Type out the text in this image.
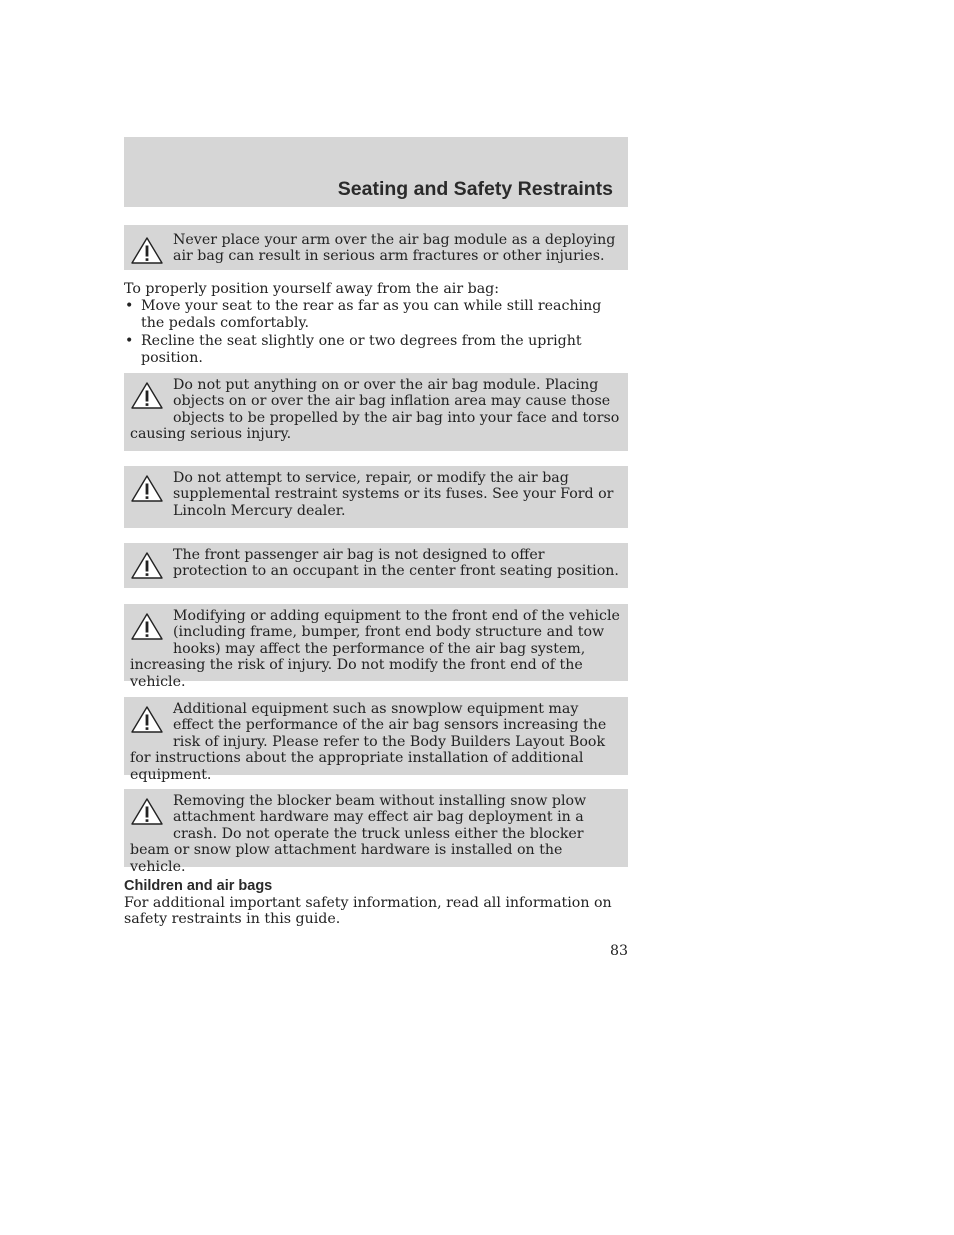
Seating and Safety Restraints
Never place your arm over the air bag module as a deploying air bag can result in serious arm fractures or other injuries.
To properly position yourself away from the air bag:
• Move your seat to the rear as far as you can while still reaching the pedals comfortably.
• Recline the seat slightly one or two degrees from the upright position.
Do not put anything on or over the air bag module. Placing objects on or over the air bag inflation area may cause those objects to be propelled by the air bag into your face and torso causing serious injury.
Do not attempt to service, repair, or modify the air bag supplemental restraint systems or its fuses. See your Ford or Lincoln Mercury dealer.
The front passenger air bag is not designed to offer protection to an occupant in the center front seating position.
Modifying or adding equipment to the front end of the vehicle (including frame, bumper, front end body structure and tow hooks) may affect the performance of the air bag system, increasing the risk of injury. Do not modify the front end of the vehicle.
Additional equipment such as snowplow equipment may effect the performance of the air bag sensors increasing the risk of injury. Please refer to the Body Builders Layout Book for instructions about the appropriate installation of additional equipment.
Removing the blocker beam without installing snow plow attachment hardware may effect air bag deployment in a crash. Do not operate the truck unless either the blocker beam or snow plow attachment hardware is installed on the vehicle.
Children and air bags
For additional important safety information, read all information on safety restraints in this guide.
83
